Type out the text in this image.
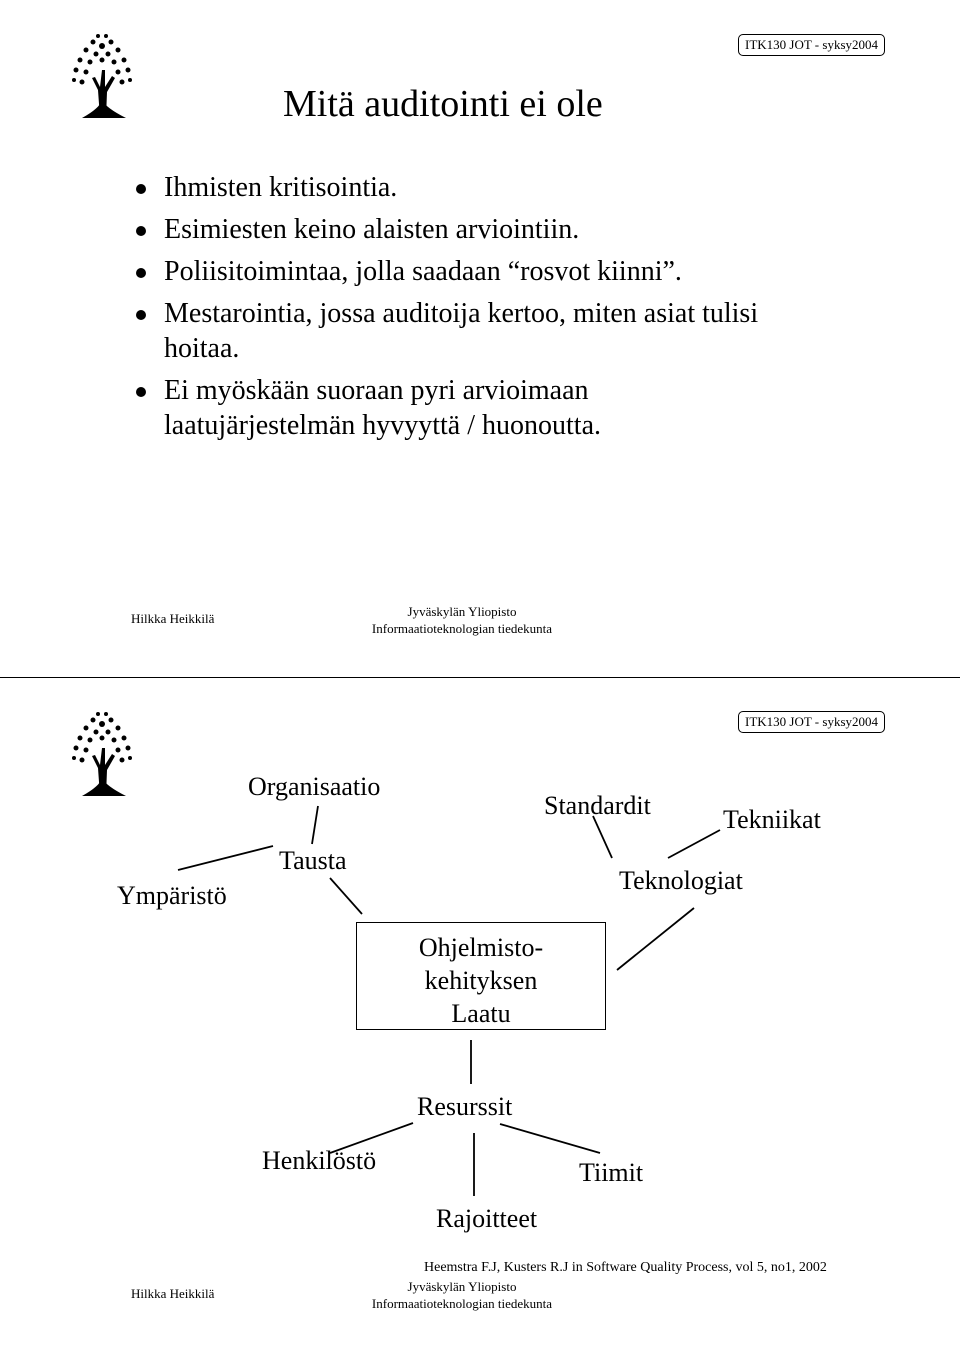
ITK130 JOT - syksy2004
Mitä auditointi ei ole
Ihmisten kritisointia.
Esimiesten keino alaisten arviointiin.
Poliisitoimintaa, jolla saadaan “rosvot kiinni”.
Mestarointia, jossa auditoija kertoo, miten asiat tulisi hoitaa.
Ei myöskään suoraan pyri arvioimaan laatujärjestelmän hyvyyttä / huonoutta.
Hilkka Heikkilä	Jyväskylän Yliopisto
Informaatioteknologian tiedekunta
ITK130 JOT - syksy2004
Organisaatio
Tausta
Ympäristö
Standardit	Tekniikat
Teknologiat
Ohjelmisto-
kehityksen
Laatu
Resurssit
Henkilöstö	Tiimit
Rajoitteet
Heemstra F.J, Kusters R.J in Software Quality Process, vol 5, no1, 2002
Hilkka Heikkilä	Jyväskylän Yliopisto
Informaatioteknologian tiedekunta
